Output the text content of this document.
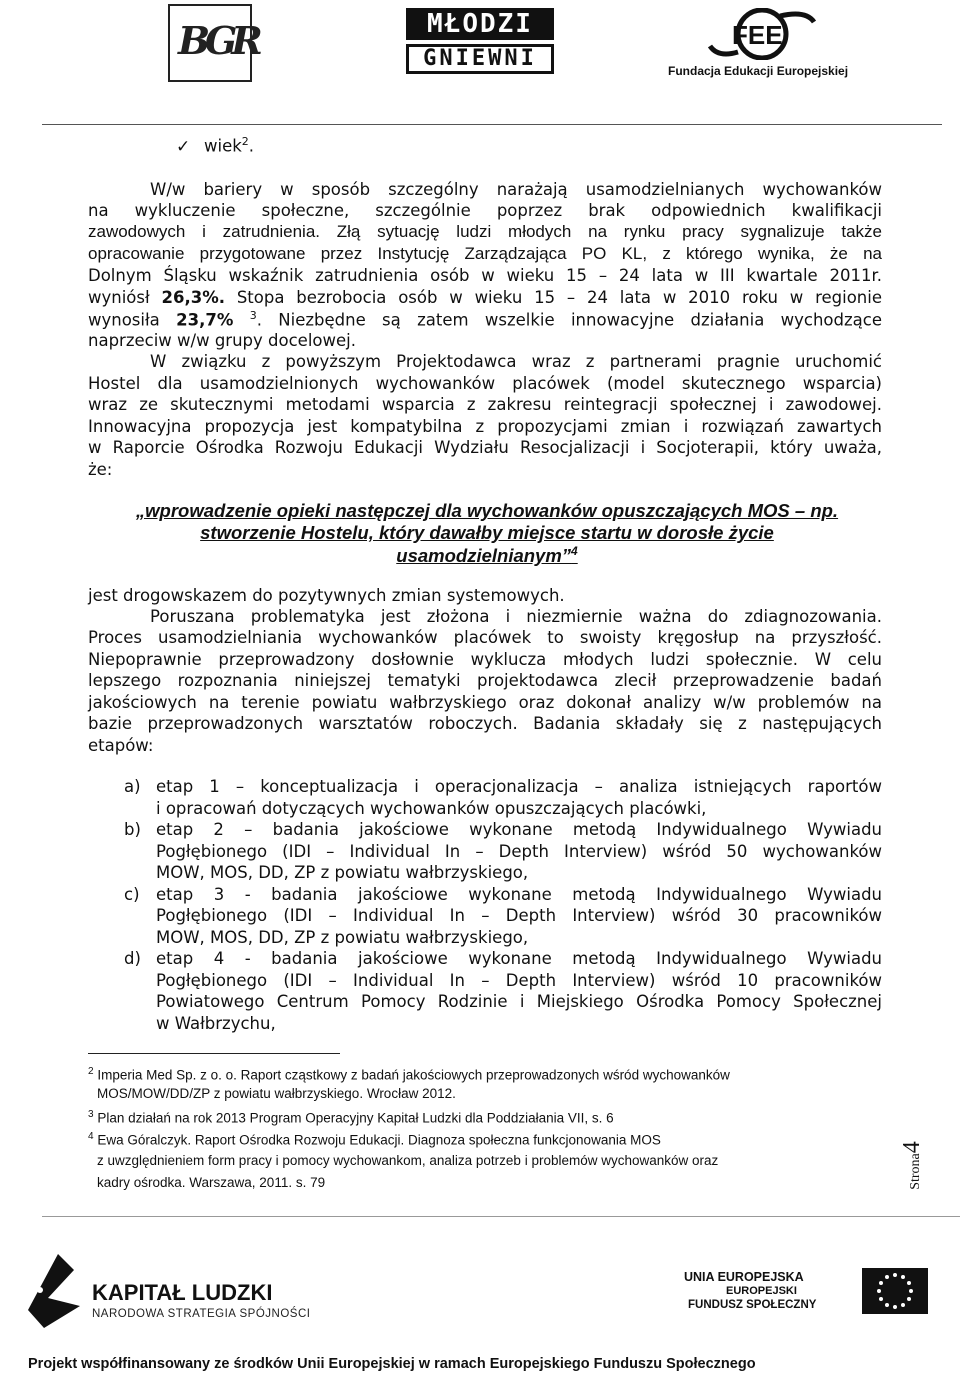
BGR	MŁODZI
GNIEWNI
FEE
Fundacja Edukacji Europejskiej
✓ wiek$^2$.
W/w bariery w sposób szczególny narażają usamodzielnianych wychowanków
na wykluczenie społeczne, szczególnie poprzez brak odpowiednich kwalifikacji
zawodowych i zatrudnienia. Złą sytuację ludzi młodych na rynku pracy sygnalizuje także
opracowanie przygotowane przez Instytucję Zarządzająca PO KL, z którego wynika, że na
Dolnym Śląsku wskaźnik zatrudnienia osób w wieku 15 – 24 lata w III kwartale 2011r.
wyniósł 26,3%. Stopa bezrobocia osób w wieku 15 – 24 lata w 2010 roku w regionie
wynosiła 23,7% $^3$. Niezbędne są zatem wszelkie innowacyjne działania wychodzące
naprzeciw w/w grupy docelowej.
W związku z powyższym Projektodawca wraz z partnerami pragnie uruchomić
Hostel dla usamodzielnionych wychowanków placówek (model skutecznego wsparcia)
wraz ze skutecznymi metodami wsparcia z zakresu reintegracji społecznej i zawodowej.
Innowacyjna propozycja jest kompatybilna z propozycjami zmian i rozwiązań zawartych
w Raporcie Ośrodka Rozwoju Edukacji Wydziału Resocjalizacji i Socjoterapii, który uważa,
że:
„wprowadzenie opieki następczej dla wychowanków opuszczających MOS – np.
stworzenie Hostelu, który dawałby miejsce startu w dorosłe życie
usamodzielnianym”$^4$
jest drogowskazem do pozytywnych zmian systemowych.
Poruszana problematyka jest złożona i niezmiernie ważna do zdiagnozowania.
Proces usamodzielniania wychowanków placówek to swoisty kręgosłup na przyszłość.
Niepoprawnie przeprowadzony dosłownie wyklucza młodych ludzi społecznie. W celu
lepszego rozpoznania niniejszej tematyki projektodawca zlecił przeprowadzenie badań
jakościowych na terenie powiatu wałbrzyskiego oraz dokonał analizy w/w problemów na
bazie przeprowadzonych warsztatów roboczych. Badania składały się z następujących
etapów:
a) etap 1 – konceptualizacja i operacjonalizacja – analiza istniejących raportów
i opracowań dotyczących wychowanków opuszczających placówki,
b) etap 2 – badania jakościowe wykonane metodą Indywidualnego Wywiadu
Pogłębionego (IDI – Individual In – Depth Interview) wśród 50 wychowanków
MOW, MOS, DD, ZP z powiatu wałbrzyskiego,
c) etap 3 - badania jakościowe wykonane metodą Indywidualnego Wywiadu
Pogłębionego (IDI – Individual In – Depth Interview) wśród 30 pracowników
MOW, MOS, DD, ZP z powiatu wałbrzyskiego,
d) etap 4 - badania jakościowe wykonane metodą Indywidualnego Wywiadu
Pogłębionego (IDI – Individual In – Depth Interview) wśród 10 pracowników
Powiatowego Centrum Pomocy Rodzinie i Miejskiego Ośrodka Pomocy Społecznej
w Wałbrzychu,
$^2$ Imperia Med Sp. z o. o. Raport cząstkowy z badań jakościowych przeprowadzonych wśród wychowanków
MOS/MOW/DD/ZP z powiatu wałbrzyskiego. Wrocław 2012.
$^3$ Plan działań na rok 2013 Program Operacyjny Kapitał Ludzki dla Poddziałania VII, s. 6
$^4$ Ewa Góralczyk. Raport Ośrodka Rozwoju Edukacji. Diagnoza społeczna funkcjonowania MOS
z uwzględnieniem form pracy i pomocy wychowankom, analiza potrzeb i problemów wychowanków oraz
kadry ośrodka. Warszawa, 2011. s. 79	Strona4
KAPITAŁ LUDZKI
NARODOWA STRATEGIA SPÓJNOŚCI
UNIA EUROPEJSKA
EUROPEJSKI
FUNDUSZ SPOŁECZNY
Projekt współfinansowany ze środków Unii Europejskiej w ramach Europejskiego Funduszu Społecznego
